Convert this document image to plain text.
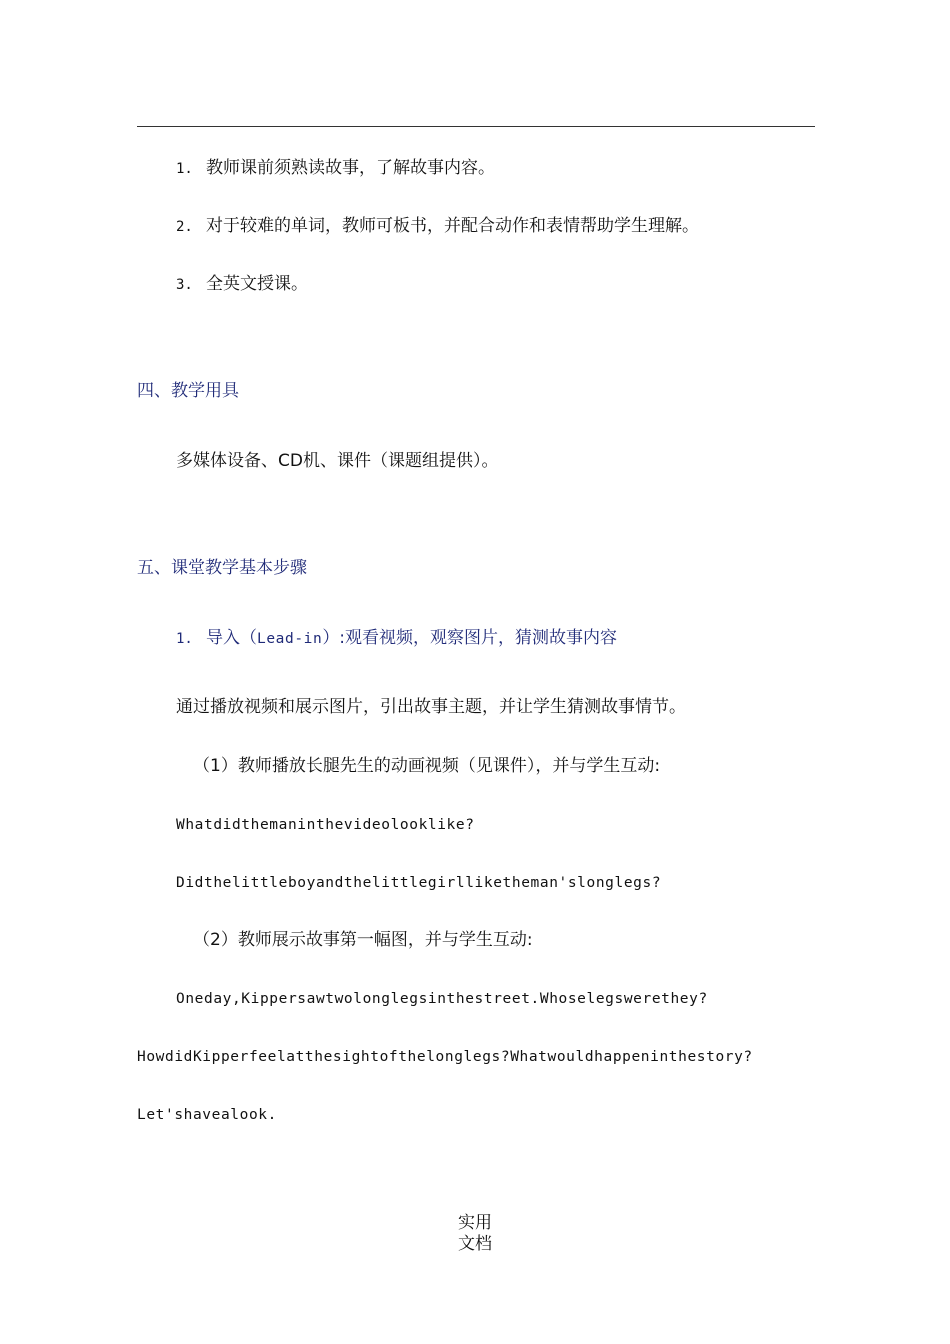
1. 教师课前须熟读故事，了解故事内容。
2. 对于较难的单词，教师可板书，并配合动作和表情帮助学生理解。
3. 全英文授课。
四、教学用具
多媒体设备、CD机、课件（课题组提供）。
五、课堂教学基本步骤
1. 导入（Lead-in）:观看视频，观察图片，猜测故事内容
通过播放视频和展示图片，引出故事主题，并让学生猜测故事情节。
（1）教师播放长腿先生的动画视频（见课件），并与学生互动:
Whatdidthemaninthevideolooklike?
Didthelittleboyandthelittlegirlliketheman'slonglegs?
（2）教师展示故事第一幅图，并与学生互动:
Oneday,Kippersawtwolonglegsinthestreet.Whoselegswerethey?
HowdidKipperfeelatthesightofthelonglegs?Whatwouldhappeninthestory?
Let'shavealook.
实用
文档
